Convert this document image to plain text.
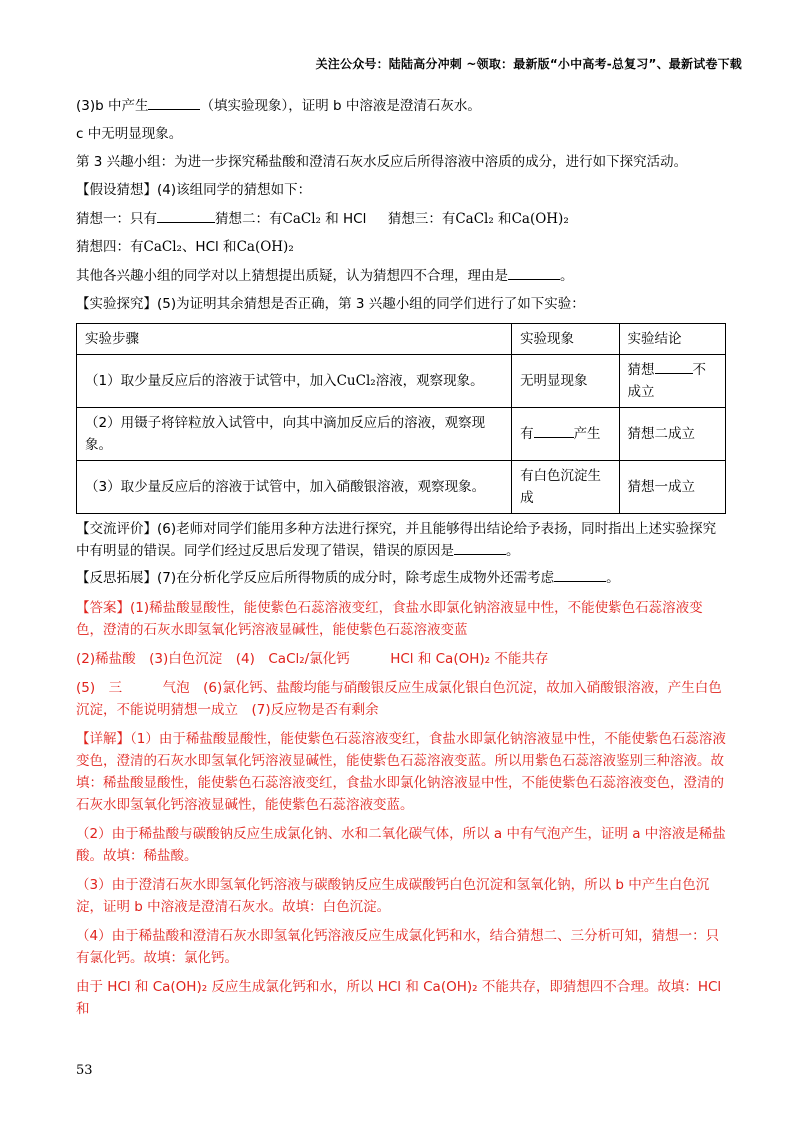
关注公众号：陆陆高分冲刺 ~领取：最新版“小中高考-总复习”、最新试卷下载

(3)b 中产生	（填实验现象），证明 b 中溶液是澄清石灰水。

c 中无明显现象。

第 3 兴趣小组：为进一步探究稀盐酸和澄清石灰水反应后所得溶液中溶质的成分，进行如下探究活动。

【假设猜想】(4)该组同学的猜想如下：

猜想一：只有	猜想二：有CaCl₂ 和 HCl 猜想三：有CaCl₂ 和Ca(OH)₂

猜想四：有CaCl₂、HCl 和Ca(OH)₂

其他各兴趣小组的同学对以上猜想提出质疑，认为猜想四不合理，理由是	。

【实验探究】(5)为证明其余猜想是否正确，第 3 兴趣小组的同学们进行了如下实验：

实验步骤	实验现象	实验结论
（1）取少量反应后的溶液于试管中，加入CuCl₂溶液，观察现象。	无明显现象	猜想 不成立
（2）用镊子将锌粒放入试管中，向其中滴加反应后的溶液，观察现象。	有 产生	猜想二成立
（3）取少量反应后的溶液于试管中，加入硝酸银溶液，观察现象。	有白色沉淀生成	猜想一成立

【交流评价】(6)老师对同学们能用多种方法进行探究，并且能够得出结论给予表扬，同时指出上述实验探究中有明显的错误。同学们经过反思后发现了错误，错误的原因是	。

【反思拓展】(7)在分析化学反应后所得物质的成分时，除考虑生成物外还需考虑	。

【答案】(1)稀盐酸显酸性，能使紫色石蕊溶液变红，食盐水即氯化钠溶液显中性，不能使紫色石蕊溶液变色，澄清的石灰水即氢氧化钙溶液显碱性，能使紫色石蕊溶液变蓝

(2)稀盐酸　(3)白色沉淀　(4)　CaCl₂/氯化钙　　　HCl 和 Ca(OH)₂ 不能共存

(5)　三　　　气泡　(6)氯化钙、盐酸均能与硝酸银反应生成氯化银白色沉淀，故加入硝酸银溶液，产生白色沉淀，不能说明猜想一成立　(7)反应物是否有剩余

【详解】（1）由于稀盐酸显酸性，能使紫色石蕊溶液变红，食盐水即氯化钠溶液显中性，不能使紫色石蕊溶液变色，澄清的石灰水即氢氧化钙溶液显碱性，能使紫色石蕊溶液变蓝。所以用紫色石蕊溶液鉴别三种溶液。故填：稀盐酸显酸性，能使紫色石蕊溶液变红，食盐水即氯化钠溶液显中性，不能使紫色石蕊溶液变色，澄清的石灰水即氢氧化钙溶液显碱性，能使紫色石蕊溶液变蓝。

（2）由于稀盐酸与碳酸钠反应生成氯化钠、水和二氧化碳气体，所以 a 中有气泡产生，证明 a 中溶液是稀盐酸。故填：稀盐酸。

（3）由于澄清石灰水即氢氧化钙溶液与碳酸钠反应生成碳酸钙白色沉淀和氢氧化钠，所以 b 中产生白色沉淀，证明 b 中溶液是澄清石灰水。故填：白色沉淀。

（4）由于稀盐酸和澄清石灰水即氢氧化钙溶液反应生成氯化钙和水，结合猜想二、三分析可知，猜想一：只有氯化钙。故填：氯化钙。

由于 HCl 和 Ca(OH)₂ 反应生成氯化钙和水，所以 HCl 和 Ca(OH)₂ 不能共存，即猜想四不合理。故填：HCl 和

53
